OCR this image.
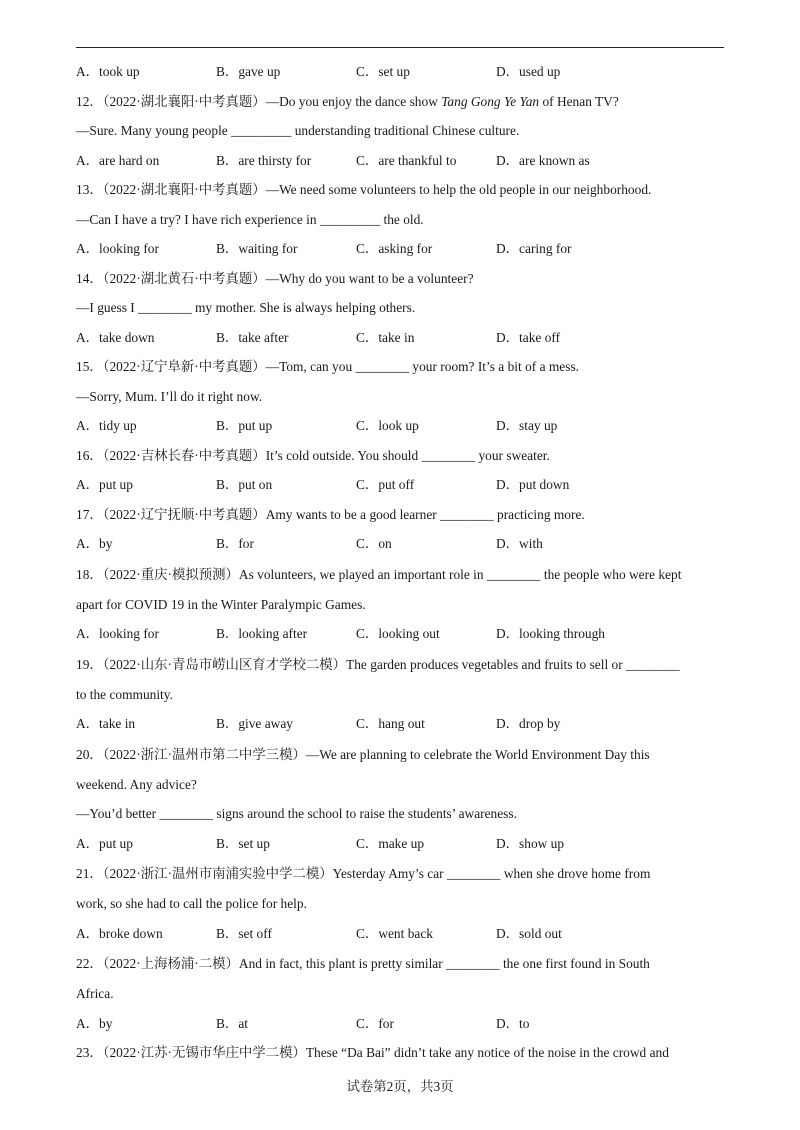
A．took up	B．gave up	C．set up	D．used up
12．（2022·湖北襄阳·中考真题）—Do you enjoy the dance show Tang Gong Ye Yan of Henan TV?
—Sure. Many young people _________ understanding traditional Chinese culture.
A．are hard on	B．are thirsty for	C．are thankful to	D．are known as
13．（2022·湖北襄阳·中考真题）—We need some volunteers to help the old people in our neighborhood.
—Can I have a try? I have rich experience in _________ the old.
A．looking for	B．waiting for	C．asking for	D．caring for
14．（2022·湖北黄石·中考真题）—Why do you want to be a volunteer?
—I guess I ________ my mother. She is always helping others.
A．take down	B．take after	C．take in	D．take off
15．（2022·辽宁阜新·中考真题）—Tom, can you ________ your room? It’s a bit of a mess.
—Sorry, Mum. I’ll do it right now.
A．tidy up	B．put up	C．look up	D．stay up
16．（2022·吉林长春·中考真题）It’s cold outside. You should ________ your sweater.
A．put up	B．put on	C．put off	D．put down
17．（2022·辽宁抚顺·中考真题）Amy wants to be a good learner ________ practicing more.
A．by	B．for	C．on	D．with
18．（2022·重庆·模拟预测）As volunteers, we played an important role in ________ the people who were kept
apart for COVID 19 in the Winter Paralympic Games.
A．looking for	B．looking after	C．looking out	D．looking through
19．（2022·山东·青岛市崂山区育才学校二模）The garden produces vegetables and fruits to sell or ________
to the community.
A．take in	B．give away	C．hang out	D．drop by
20．（2022·浙江·温州市第二中学三模）—We are planning to celebrate the World Environment Day this
weekend. Any advice?
—You’d better ________ signs around the school to raise the students’ awareness.
A．put up	B．set up	C．make up	D．show up
21．（2022·浙江·温州市南浦实验中学二模）Yesterday Amy’s car ________ when she drove home from
work, so she had to call the police for help.
A．broke down	B．set off	C．went back	D．sold out
22．（2022·上海杨浦·二模）And in fact, this plant is pretty similar ________ the one first found in South
Africa.
A．by	B．at	C．for	D．to
23．（2022·江苏·无锡市华庄中学二模）These “Da Bai” didn’t take any notice of the noise in the crowd and
试卷第2页，共3页
